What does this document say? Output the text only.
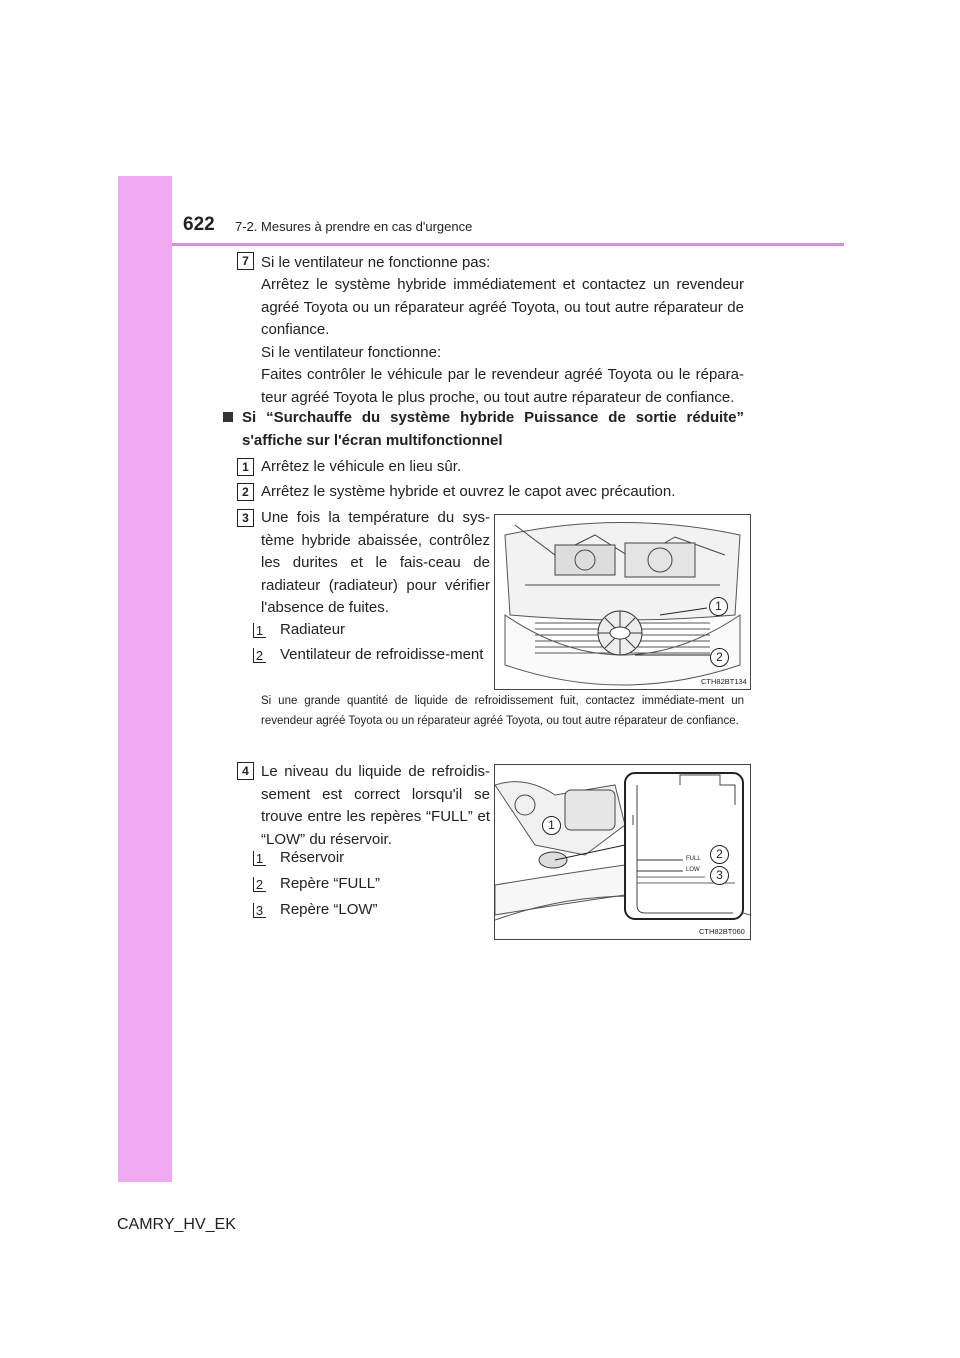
622 7-2. Mesures à prendre en cas d'urgence
7 Si le ventilateur ne fonctionne pas:
Arrêtez le système hybride immédiatement et contactez un revendeur agréé Toyota ou un réparateur agréé Toyota, ou tout autre réparateur de confiance.
Si le ventilateur fonctionne:
Faites contrôler le véhicule par le revendeur agréé Toyota ou le répara-teur agréé Toyota le plus proche, ou tout autre réparateur de confiance.
Si “Surchauffe du système hybride Puissance de sortie réduite”
s'affiche sur l'écran multifonctionnel
1 Arrêtez le véhicule en lieu sûr.
2 Arrêtez le système hybride et ouvrez le capot avec précaution.
3 Une fois la température du sys-tème hybride abaissée, contrôlez les durites et le fais-ceau de radiateur (radiateur) pour vérifier l'absence de fuites.
1 Radiateur
2 Ventilateur de refroidisse-ment
1
2
CTH82BT134
Si une grande quantité de liquide de refroidissement fuit, contactez immédiate-ment un revendeur agréé Toyota ou un réparateur agréé Toyota, ou tout autre réparateur de confiance.
4 Le niveau du liquide de refroidis-sement est correct lorsqu'il se trouve entre les repères “FULL” et “LOW” du réservoir.
1 Réservoir
2 Repère “FULL”
3 Repère “LOW”
FULL
LOW
1
2
3
CTH82BT060
CAMRY_HV_EK
